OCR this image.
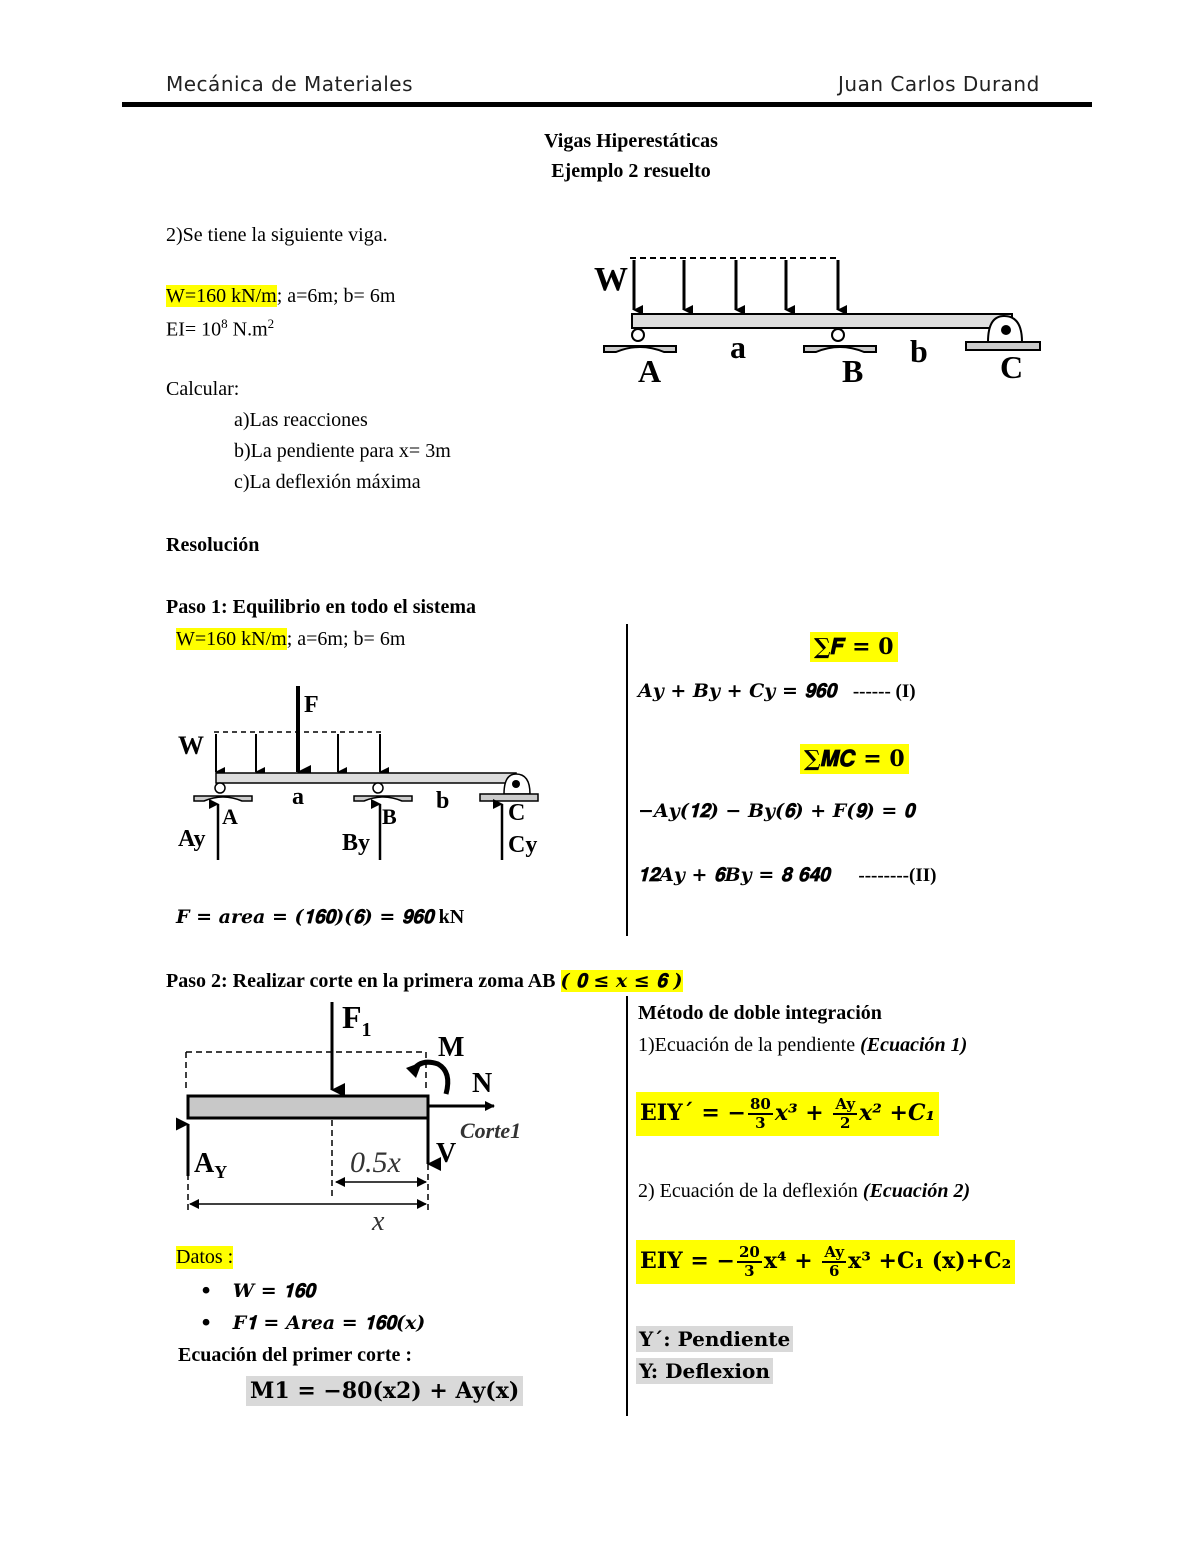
Mecánica de Materiales	Juan Carlos Durand
Vigas Hiperestáticas
Ejemplo 2 resuelto
2)Se tiene la siguiente viga.
W=160 kN/m; a=6m; b= 6m
$EI= 10^8$ $N.m^2$
Calcular:
a)Las reacciones
b)La pendiente para x= 3m
c)La deflexión máxima
W
a	b
A	B	C
Resolución
Paso 1: Equilibrio en todo el sistema
W=160 kN/m; a=6m; b= 6m
F
W
a	b
A	B	C
Ay	By	Cy
𝑭 = 𝒂𝒓𝒆𝒂 = (𝟏𝟔𝟎)(𝟔) = 𝟗𝟔𝟎 kN
∑𝑭 = 𝟎
𝑨𝒚 + 𝑩𝒚 + 𝑪𝒚 = 𝟗𝟔𝟎 ------ (I)
∑𝑴𝑪 = 𝟎
−𝑨𝒚(𝟏𝟐) − 𝑩𝒚(𝟔) + 𝑭(𝟗) = 𝟎
𝟏𝟐𝑨𝒚 + 𝟔𝑩𝒚 = 𝟖 𝟔𝟒𝟎 --------(II)
Paso 2: Realizar corte en la primera zoma AB ( 𝟎 ≤ 𝒙 ≤ 𝟔 )
$F_1$
M
N
Corte1
$A_Y$	0.5x V
x
Datos :
• 𝑾 = 𝟏𝟔𝟎
• 𝑭𝟏 = 𝑨𝒓𝒆𝒂 = 𝟏𝟔𝟎(𝒙)
Ecuación del primer corte :
𝐌𝟏 = −𝟖𝟎(𝐱𝟐) + 𝐀𝐲(𝐱)
Método de doble integración
1)Ecuación de la pendiente (Ecuación 1)
EIY´ = − $\frac{80}{3} x^3 + \frac{Ay}{2} x^2 +C_1$
2) Ecuación de la deflexión (Ecuación 2)
EIY = − $\frac{20}{3} x^4 + \frac{Ay}{6} x^3 +C_1$ (x)+C₂
Y´: Pendiente
Y: Deflexion
